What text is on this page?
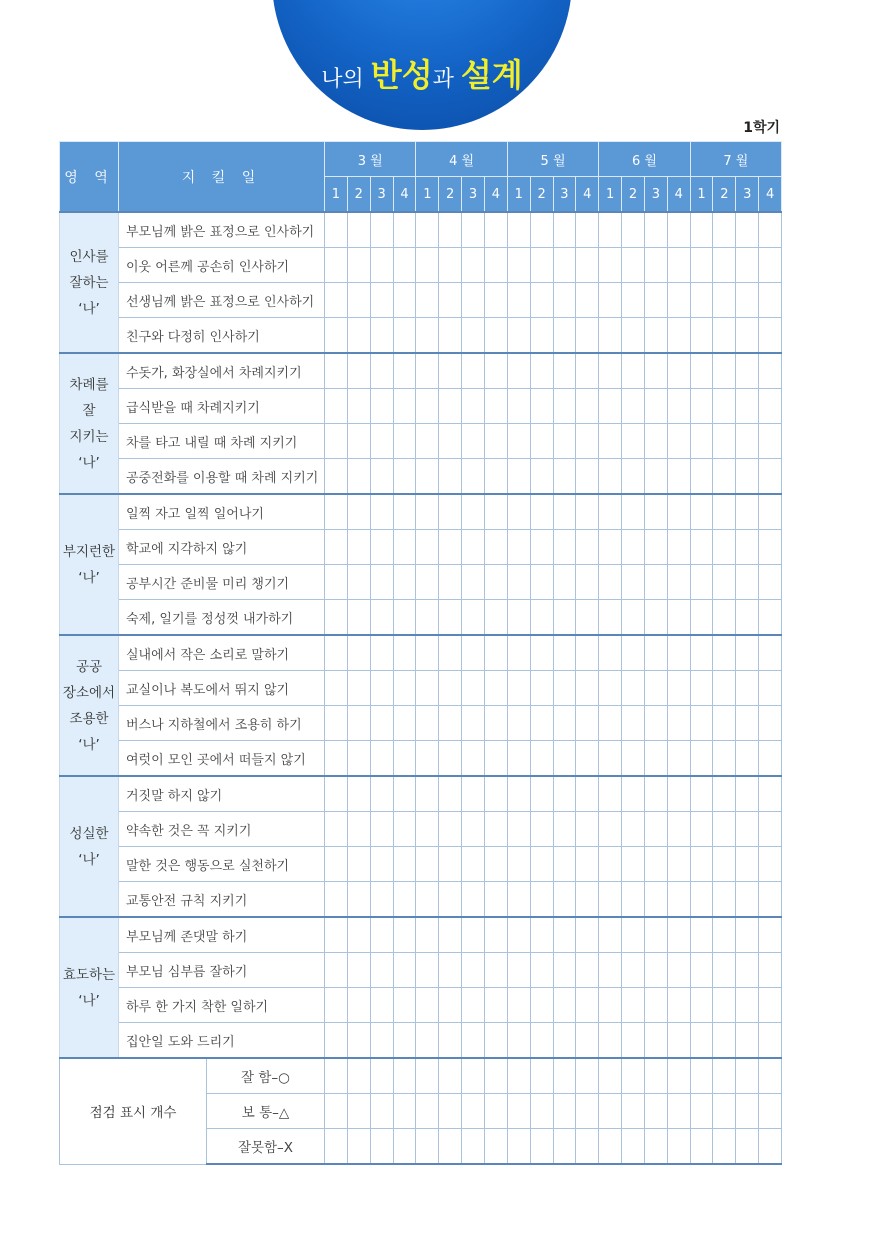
나의 반성과 설계
1학기
영 역	지 킬 일		3 월				4 월				5 월				6 월				7 월			
			1	2	3	4	1	2	3	4	1	2	3	4	1	2	3	4	1	2	3	4

인사를
잘하는
‘나’	부모님께 밝은 표정으로 인사하기																					
	이웃 어른께 공손히 인사하기																					
	선생님께 밝은 표정으로 인사하기																					
	친구와 다정히 인사하기																					

차례를
잘
지키는
‘나’	수돗가, 화장실에서 차례지키기																					
	급식받을 때 차례지키기																					
	차를 타고 내릴 때 차례 지키기																					
	공중전화를 이용할 때 차례 지키기																					

부지런한
‘나’	일찍 자고 일찍 일어나기																					
	학교에 지각하지 않기																					
	공부시간 준비물 미리 챙기기																					
	숙제, 일기를 정성껏 내가하기																					

공공
장소에서
조용한
‘나’	실내에서 작은 소리로 말하기																					
	교실이나 복도에서 뛰지 않기																					
	버스나 지하철에서 조용히 하기																					
	여럿이 모인 곳에서 떠들지 않기																					

성실한
‘나’	거짓말 하지 않기																					
	약속한 것은 꼭 지키기																					
	말한 것은 행동으로 실천하기																					
	교통안전 규칙 지키기																					

효도하는
‘나’	부모님께 존댓말 하기																					
	부모님 심부름 잘하기																					
	하루 한 가지 착한 일하기																					
	집안일 도와 드리기																					
점검 표시 개수		잘 함–○																				
		보 통–△																				
		잘못함–X																				
